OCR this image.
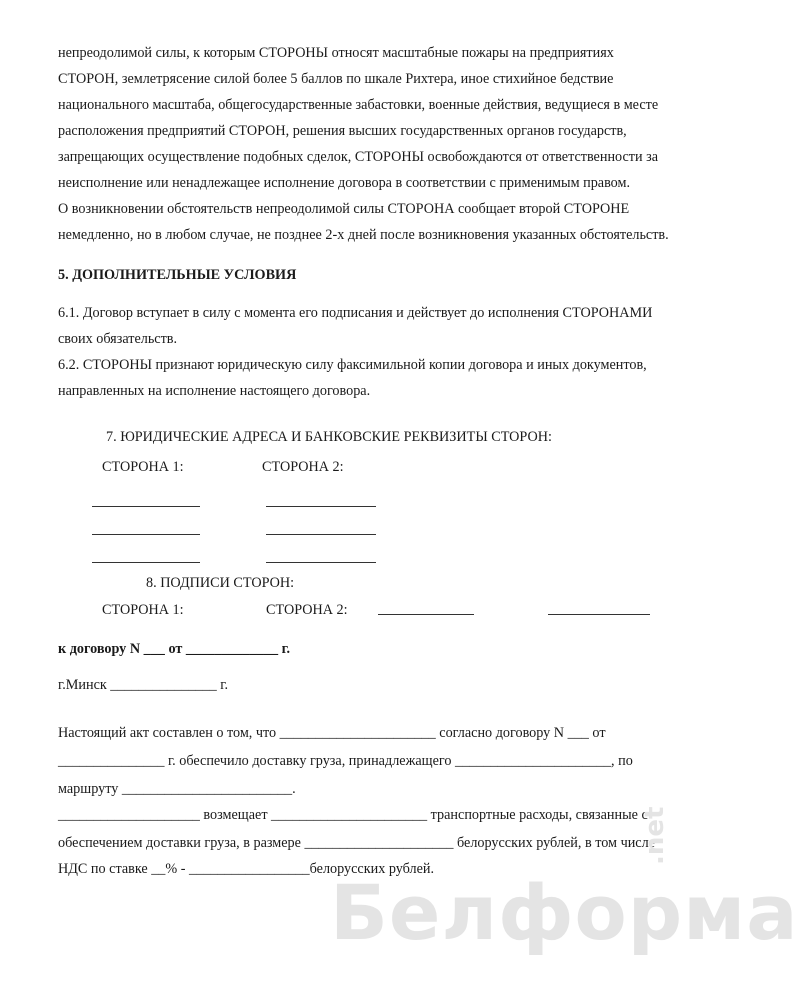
непреодолимой силы, к которым СТОРОНЫ относят масштабные пожары на предприятиях
СТОРОН, землетрясение силой более 5 баллов по шкале Рихтера, иное стихийное бедствие
национального масштаба, общегосударственные забастовки, военные действия, ведущиеся в месте
расположения предприятий СТОРОН, решения высших государственных органов государств,
запрещающих осуществление подобных сделок, СТОРОНЫ освобождаются от ответственности за
неисполнение или ненадлежащее исполнение договора в соответствии с применимым правом.
О возникновении обстоятельств непреодолимой силы СТОРОНА сообщает второй СТОРОНЕ
немедленно, но в любом случае, не позднее 2-х дней после возникновения указанных обстоятельств.
5. ДОПОЛНИТЕЛЬНЫЕ УСЛОВИЯ
6.1. Договор вступает в силу с момента его подписания и действует до исполнения СТОРОНАМИ
своих обязательств.
6.2. СТОРОНЫ признают юридическую силу факсимильной копии договора и иных документов,
направленных на исполнение настоящего договора.
7. ЮРИДИЧЕСКИЕ АДРЕСА И БАНКОВСКИЕ РЕКВИЗИТЫ СТОРОН:
СТОРОНА 1:	СТОРОНА 2:
8. ПОДПИСИ СТОРОН:
СТОРОНА 1:	СТОРОНА 2:
к договору N ___ от _____________ г.
г.Минск _______________ г.
Настоящий акт составлен о том, что ______________________ согласно договору N ___ от
_______________ г. обеспечило доставку груза, принадлежащего ______________________, по
маршруту ________________________.
____________________ возмещает ______________________ транспортные расходы, связанные с
обеспечением доставки груза, в размере _____________________ белорусских рублей, в том числе
НДС по ставке __% - _________________белорусских рублей.
Белформа
.net
